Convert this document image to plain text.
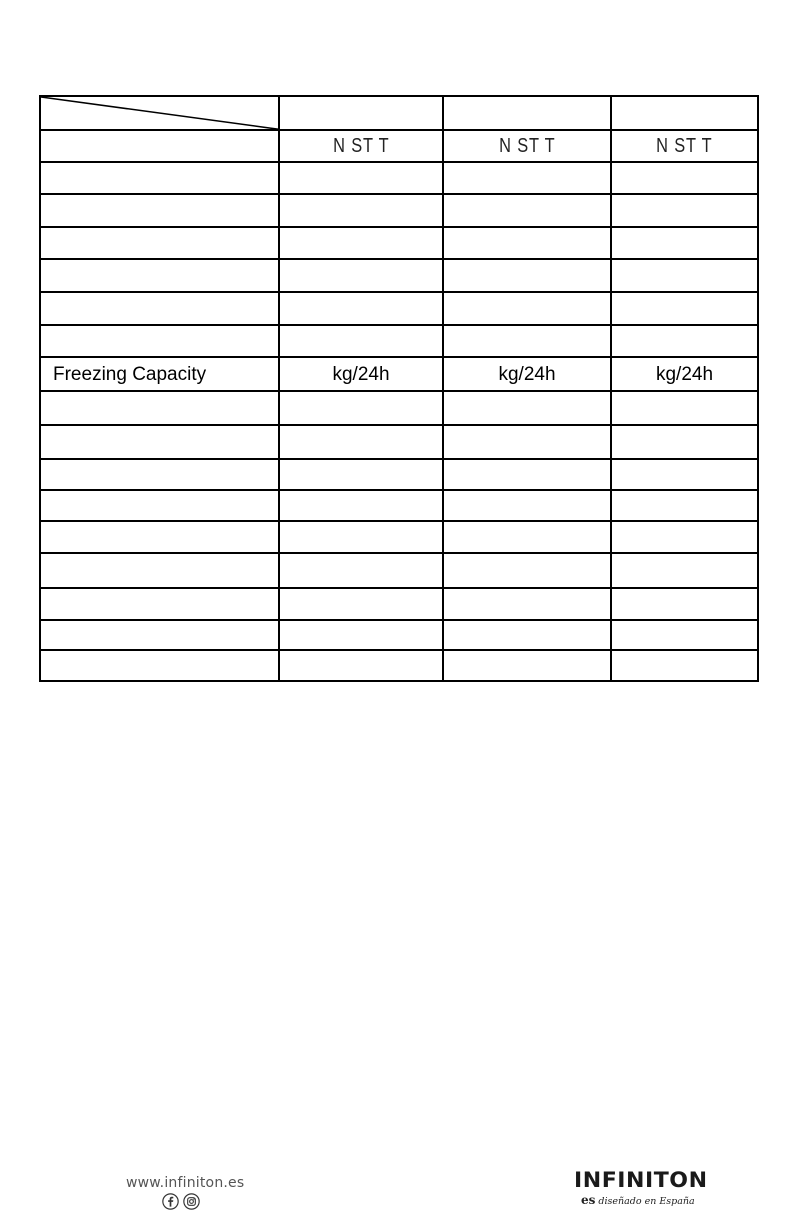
	N ST T	N ST T	N ST T

Freezing Capacity	kg/24h	kg/24h	kg/24h

www.infiniton.es	INFINITON
es diseñado en España
